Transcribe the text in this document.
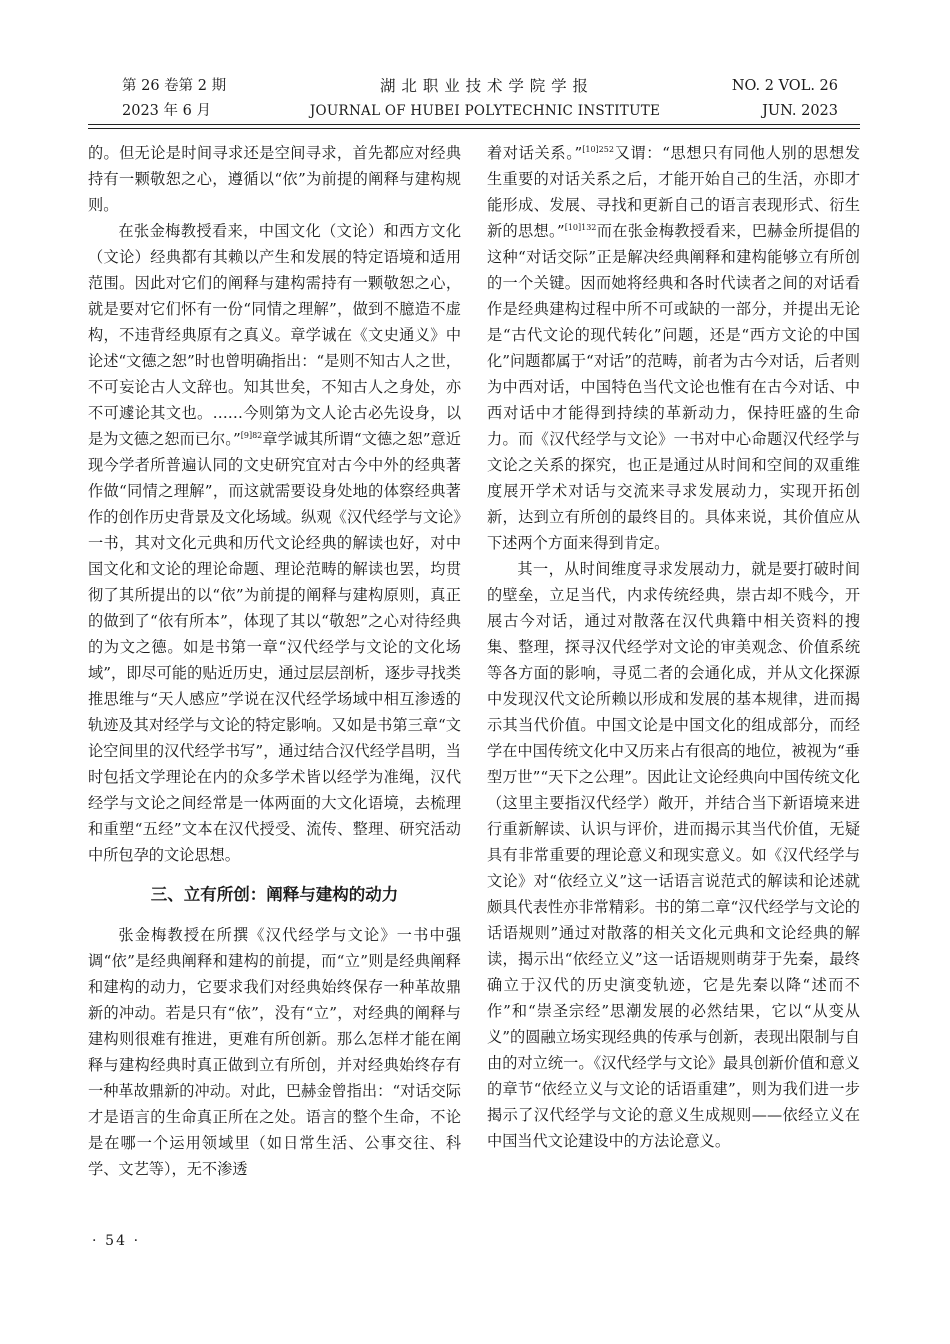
第 26 卷第 2 期
2023 年 6 月
湖北职业技术学院学报
JOURNAL OF HUBEI POLYTECHNIC INSTITUTE
NO. 2 VOL. 26
JUN. 2023

的。但无论是时间寻求还是空间寻求，首先都应对经典持有一颗敬恕之心，遵循以“依”为前提的阐释与建构规则。

在张金梅教授看来，中国文化（文论）和西方文化（文论）经典都有其赖以产生和发展的特定语境和适用范围。因此对它们的阐释与建构需持有一颗敬恕之心，就是要对它们怀有一份“同情之理解”，做到不臆造不虚构，不违背经典原有之真义。章学诚在《文史通义》中论述“文德之恕”时也曾明确指出：“是则不知古人之世，不可妄论古人文辞也。知其世矣，不知古人之身处，亦不可遽论其文也。……今则第为文人论古必先设身，以是为文德之恕而已尔。”$^{[9]82}$章学诚其所谓“文德之恕”意近现今学者所普遍认同的文史研究宜对古今中外的经典著作做“同情之理解”，而这就需要设身处地的体察经典著作的创作历史背景及文化场域。纵观《汉代经学与文论》一书，其对文化元典和历代文论经典的解读也好，对中国文化和文论的理论命题、理论范畴的解读也罢，均贯彻了其所提出的以“依”为前提的阐释与建构原则，真正的做到了“依有所本”，体现了其以“敬恕”之心对待经典的为文之德。如是书第一章“汉代经学与文论的文化场域”，即尽可能的贴近历史，通过层层剖析，逐步寻找类推思维与“天人感应”学说在汉代经学场域中相互渗透的轨迹及其对经学与文论的特定影响。又如是书第三章“文论空间里的汉代经学书写”，通过结合汉代经学昌明，当时包括文学理论在内的众多学术皆以经学为准绳，汉代经学与文论之间经常是一体两面的大文化语境，去梳理和重塑“五经”文本在汉代授受、流传、整理、研究活动中所包孕的文论思想。

三、立有所创：阐释与建构的动力

张金梅教授在所撰《汉代经学与文论》一书中强调“依”是经典阐释和建构的前提，而“立”则是经典阐释和建构的动力，它要求我们对经典始终保存一种革故鼎新的冲动。若是只有“依”，没有“立”，对经典的阐释与建构则很难有推进，更难有所创新。那么怎样才能在阐释与建构经典时真正做到立有所创，并对经典始终存有一种革故鼎新的冲动。对此，巴赫金曾指出：“对话交际才是语言的生命真正所在之处。语言的整个生命，不论是在哪一个运用领域里（如日常生活、公事交往、科学、文艺等），无不渗透

着对话关系。”$^{[10]252}$又谓：“思想只有同他人别的思想发生重要的对话关系之后，才能开始自己的生活，亦即才能形成、发展、寻找和更新自己的语言表现形式、衍生新的思想。”$^{[10]132}$而在张金梅教授看来，巴赫金所提倡的这种“对话交际”正是解决经典阐释和建构能够立有所创的一个关键。因而她将经典和各时代读者之间的对话看作是经典建构过程中所不可或缺的一部分，并提出无论是“古代文论的现代转化”问题，还是“西方文论的中国化”问题都属于“对话”的范畴，前者为古今对话，后者则为中西对话，中国特色当代文论也惟有在古今对话、中西对话中才能得到持续的革新动力，保持旺盛的生命力。而《汉代经学与文论》一书对中心命题汉代经学与文论之关系的探究，也正是通过从时间和空间的双重维度展开学术对话与交流来寻求发展动力，实现开拓创新，达到立有所创的最终目的。具体来说，其价值应从下述两个方面来得到肯定。

其一，从时间维度寻求发展动力，就是要打破时间的壁垒，立足当代，内求传统经典，崇古却不贱今，开展古今对话，通过对散落在汉代典籍中相关资料的搜集、整理，探寻汉代经学对文论的审美观念、价值系统等各方面的影响，寻觅二者的会通化成，并从文化探源中发现汉代文论所赖以形成和发展的基本规律，进而揭示其当代价值。中国文论是中国文化的组成部分，而经学在中国传统文化中又历来占有很高的地位，被视为“垂型万世”“天下之公理”。因此让文论经典向中国传统文化（这里主要指汉代经学）敞开，并结合当下新语境来进行重新解读、认识与评价，进而揭示其当代价值，无疑具有非常重要的理论意义和现实意义。如《汉代经学与文论》对“依经立义”这一话语言说范式的解读和论述就颇具代表性亦非常精彩。书的第二章“汉代经学与文论的话语规则”通过对散落的相关文化元典和文论经典的解读，揭示出“依经立义”这一话语规则萌芽于先秦，最终确立于汉代的历史演变轨迹，它是先秦以降“述而不作”和“崇圣宗经”思潮发展的必然结果，它以“从变从义”的圆融立场实现经典的传承与创新，表现出限制与自由的对立统一。《汉代经学与文论》最具创新价值和意义的章节“依经立义与文论的话语重建”，则为我们进一步揭示了汉代经学与文论的意义生成规则——依经立义在中国当代文论建设中的方法论意义。

· 54 ·
